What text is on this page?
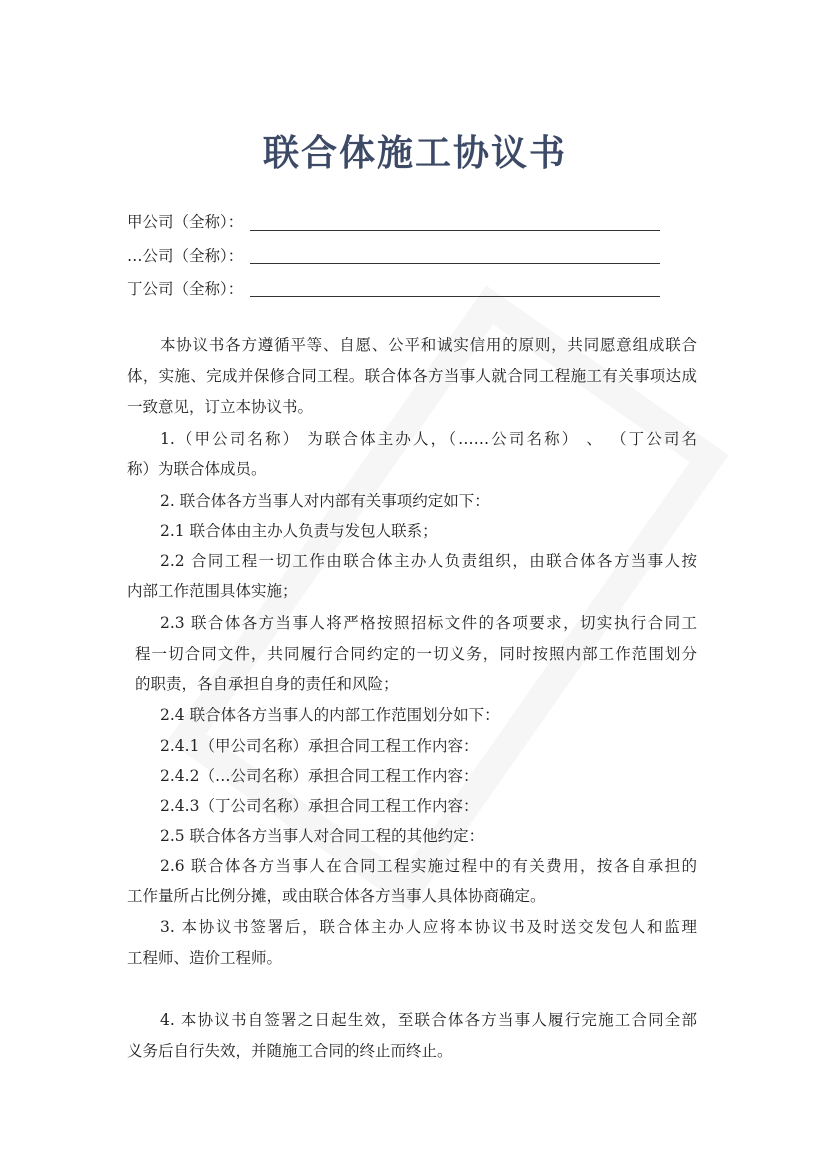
联合体施工协议书
甲公司（全称）：
…公司（全称）：
丁公司（全称）：
本协议书各方遵循平等、自愿、公平和诚实信用的原则，共同愿意组成联合
体，实施、完成并保修合同工程。联合体各方当事人就合同工程施工有关事项达成
一致意见，订立本协议书。
1.（甲公司名称） 为联合体主办人，（……公司名称） 、 （丁公司名
称）为联合体成员。
2. 联合体各方当事人对内部有关事项约定如下：
2.1 联合体由主办人负责与发包人联系；
2.2 合同工程一切工作由联合体主办人负责组织，由联合体各方当事人按
内部工作范围具体实施；
2.3 联合体各方当事人将严格按照招标文件的各项要求，切实执行合同工
程一切合同文件，共同履行合同约定的一切义务，同时按照内部工作范围划分
的职责，各自承担自身的责任和风险；
2.4 联合体各方当事人的内部工作范围划分如下：
2.4.1（甲公司名称）承担合同工程工作内容：
2.4.2（…公司名称）承担合同工程工作内容：
2.4.3（丁公司名称）承担合同工程工作内容：
2.5 联合体各方当事人对合同工程的其他约定：
2.6 联合体各方当事人在合同工程实施过程中的有关费用，按各自承担的
工作量所占比例分摊，或由联合体各方当事人具体协商确定。
3. 本协议书签署后，联合体主办人应将本协议书及时送交发包人和监理
工程师、造价工程师。
4. 本协议书自签署之日起生效，至联合体各方当事人履行完施工合同全部
义务后自行失效，并随施工合同的终止而终止。
